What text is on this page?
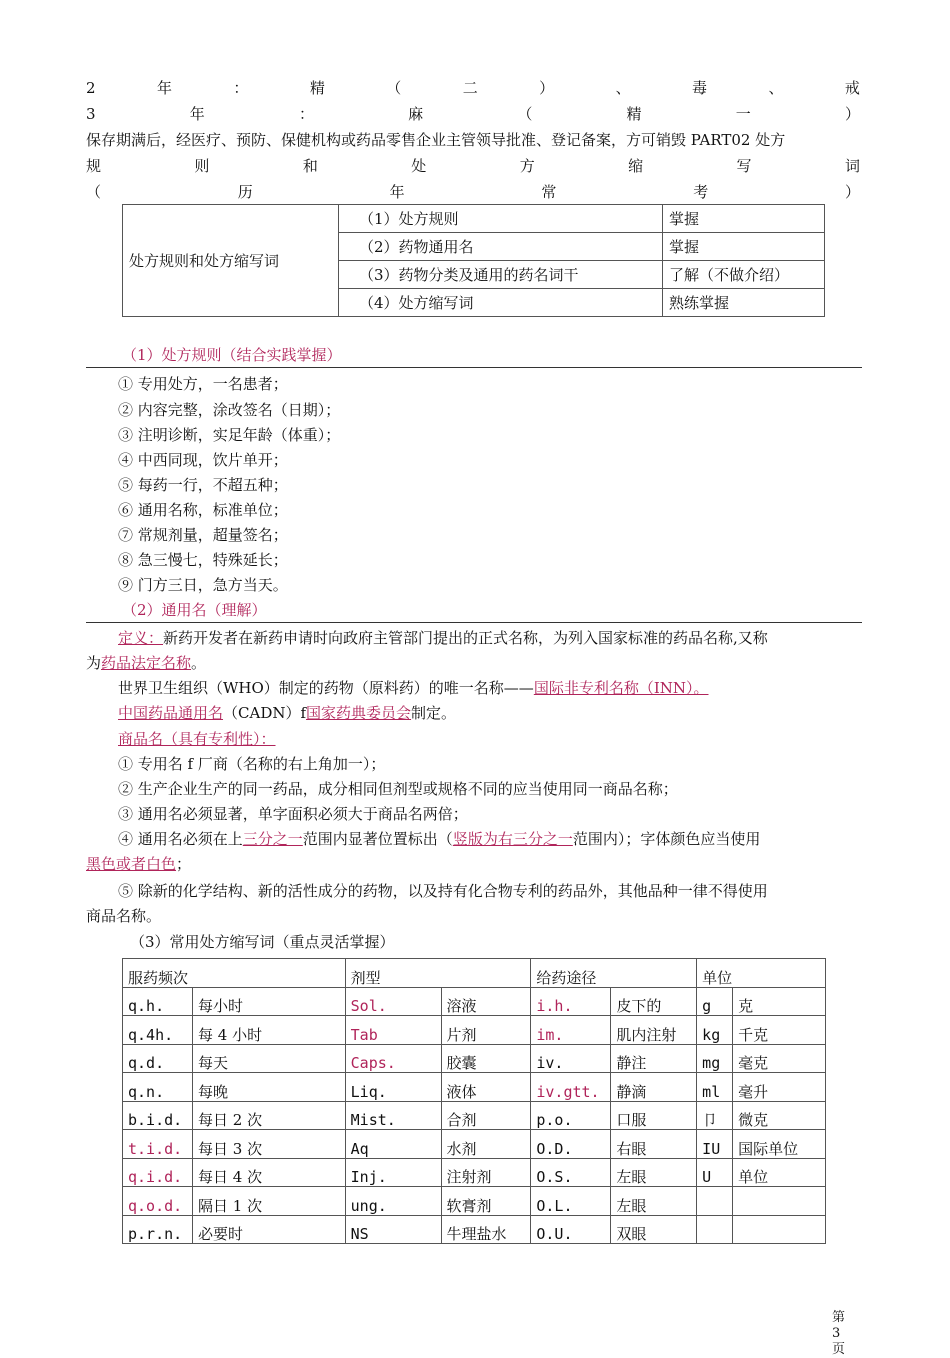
2	年	：	精	（	二	）	、	毒	、	戒
3	年	：	麻	（	精	一	）
保存期满后，经医疗、预防、保健机构或药品零售企业主管领导批准、登记备案，方可销毁 PART02 处方
规	则	和	处	方	缩	写	词
（	历	年	常	考	）
处方规则和处方缩写词	（1）处方规则	掌握
	（2）药物通用名	掌握
	（3）药物分类及通用的药名词干	了解（不做介绍）
	（4）处方缩写词	熟练掌握
（1）处方规则（结合实践掌握）
① 专用处方，一名患者；
② 内容完整，涂改签名（日期）；
③ 注明诊断，实足年龄（体重）；
④ 中西同现，饮片单开；
⑤ 每药一行，不超五种；
⑥ 通用名称，标准单位；
⑦ 常规剂量，超量签名；
⑧ 急三慢七，特殊延长；
⑨ 门方三日，急方当天。
（2）通用名（理解）
定义：新药开发者在新药申请时向政府主管部门提出的正式名称，为列入国家标准的药品名称,又称
为药品法定名称。
世界卫生组织（WHO）制定的药物（原料药）的唯一名称——国际非专利名称（INN）。
中国药品通用名（CADN）f国家药典委员会制定。
商品名（具有专利性）：
① 专用名 f 厂商（名称的右上角加一）；
② 生产企业生产的同一药品，成分相同但剂型或规格不同的应当使用同一商品名称；
③ 通用名必须显著，单字面积必须大于商品名两倍；
④ 通用名必须在上三分之一范围内显著位置标出（竖版为右三分之一范围内）；字体颜色应当使用
黑色或者白色；
⑤ 除新的化学结构、新的活性成分的药物，以及持有化合物专利的药品外，其他品种一律不得使用
商品名称。
（3）常用处方缩写词（重点灵活掌握）
服药频次		剂型		给药途径		单位	
q.h.	每小时	Sol.	溶液	i.h.	皮下的	g	克
q.4h.	每 4 小时	Tab	片剂	im.	肌内注射	kg	千克
q.d.	每天	Caps.	胶囊	iv.	静注	mg	毫克
q.n.	每晚	Liq.	液体	iv.gtt.	静滴	ml	毫升
b.i.d.	每日 2 次	Mist.	合剂	p.o.	口服	卩	微克
t.i.d.	每日 3 次	Aq	水剂	O.D.	右眼	IU	国际单位
q.i.d.	每日 4 次	Inj.	注射剂	O.S.	左眼	U	单位
q.o.d.	隔日 1 次	ung.	软膏剂	O.L.	左眼		
p.r.n.	必要时	NS	牛理盐水	O.U.	双眼		
第3
页
